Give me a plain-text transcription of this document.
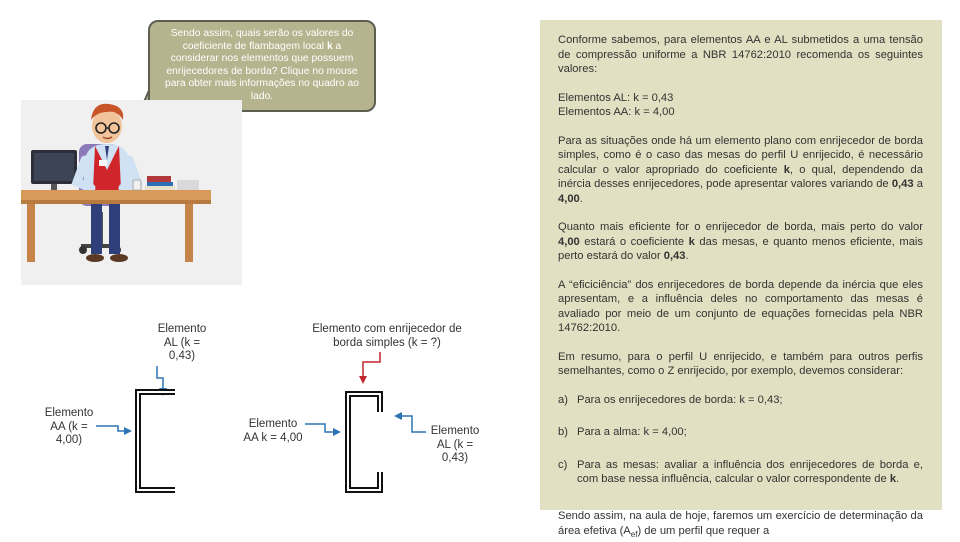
Sendo assim, quais serão os valores do coeficiente de flambagem local k a considerar nos elementos que possuem enrijecedores de borda? Clique no mouse para obter mais informações no quadro ao lado.

Conforme sabemos, para elementos AA e AL submetidos a uma tensão de compressão uniforme a NBR 14762:2010 recomenda os seguintes valores:

Elementos AL: k = 0,43
Elementos AA: k = 4,00

Para as situações onde há um elemento plano com enrijecedor de borda simples, como é o caso das mesas do perfil U enrijecido, é necessário calcular o valor apropriado do coeficiente k, o qual, dependendo da inércia desses enrijecedores, pode apresentar valores variando de 0,43 a 4,00.

Quanto mais eficiente for o enrijecedor de borda, mais perto do valor 4,00 estará o coeficiente k das mesas, e quanto menos eficiente, mais perto estará do valor 0,43.

A “eficiciência” dos enrijecedores de borda depende da inércia que eles apresentam, e a influência deles no comportamento das mesas é avaliado por meio de um conjunto de equações fornecidas pela NBR 14762:2010.

Em resumo, para o perfil U enrijecido, e também para outros perfis semelhantes, como o Z enrijecido, por exemplo, devemos considerar:

a) Para os enrijecedores de borda: k = 0,43;
b) Para a alma: k = 4,00;
c) Para as mesas: avaliar a influência dos enrijecedores de borda e, com base nessa influência, calcular o valor correspondente de k.
Sendo assim, na aula de hoje, faremos um exercício de determinação da área efetiva $(A_{ef})$ de um perfil que requer a
Elemento AL (k = 0,43)
Elemento AA (k = 4,00)
Elemento com enrijecedor de borda simples (k = ?)
Elemento AA k = 4,00
Elemento AL (k = 0,43)
